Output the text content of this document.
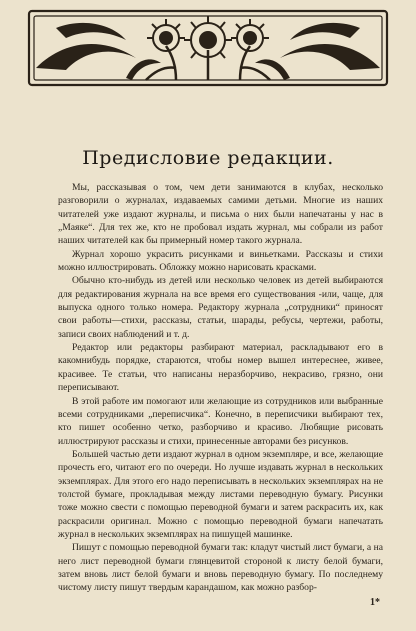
Предисловие редакции.

Мы, рассказывая о том, чем дети занимаются в клубах, несколько разговорили о журналах, издаваемых самими детьми. Многие из наших читателей уже издают журналы, и письма о них были напечатаны у нас в „Маяке“. Для тех же, кто не пробовал издать журнал, мы собрали из работ наших читателей как бы примерный номер такого журнала.

Журнал хорошо украсить рисунками и виньетками. Рассказы и стихи можно иллюстрировать. Обложку можно нарисовать красками.

Обычно кто-нибудь из детей или несколько человек из детей выбираются для редактирования журнала на все время его существования -или, чаще, для выпуска одного только номера. Редактору журнала „сотрудники“ приносят свои работы—стихи, рассказы, статьи, шарады, ребусы, чертежи, работы, записи своих наблюдений и т. д.

Редактор или редакторы разбирают материал, раскладывают его в какомнибудь порядке, стараются, чтобы номер вышел интереснее, живее, красивее. Те статьи, что написаны неразборчиво, некрасиво, грязно, они переписывают.

В этой работе им помогают или желающие из сотрудников или выбранные всеми сотрудниками „переписчика“. Конечно, в переписчики выбирают тех, кто пишет особенно четко, разборчиво и красиво. Любящие рисовать иллюстрируют рассказы и стихи, принесенные авторами без рисунков.

Большей частью дети издают журнал в одном экземпляре, и все, желающие прочесть его, читают его по очереди. Но лучше издавать журнал в нескольких экземплярах. Для этого его надо переписывать в нескольких экземплярах на не толстой бумаге, прокладывая между листами переводную бумагу. Рисунки тоже можно свести с помощью переводной бумаги и затем раскрасить их, как раскрасили оригинал. Можно с помощью переводной бумаги напечатать журнал в нескольких экземплярах на пишущей машинке.

Пишут с помощью переводной бумаги так: кладут чистый лист бумаги, а на него лист переводной бумаги глянцевитой стороной к листу белой бумаги, затем вновь лист белой бумаги и вновь переводную бумагу. По последнему чистому листу пишут твердым карандашом, как можно разбор-

1*
